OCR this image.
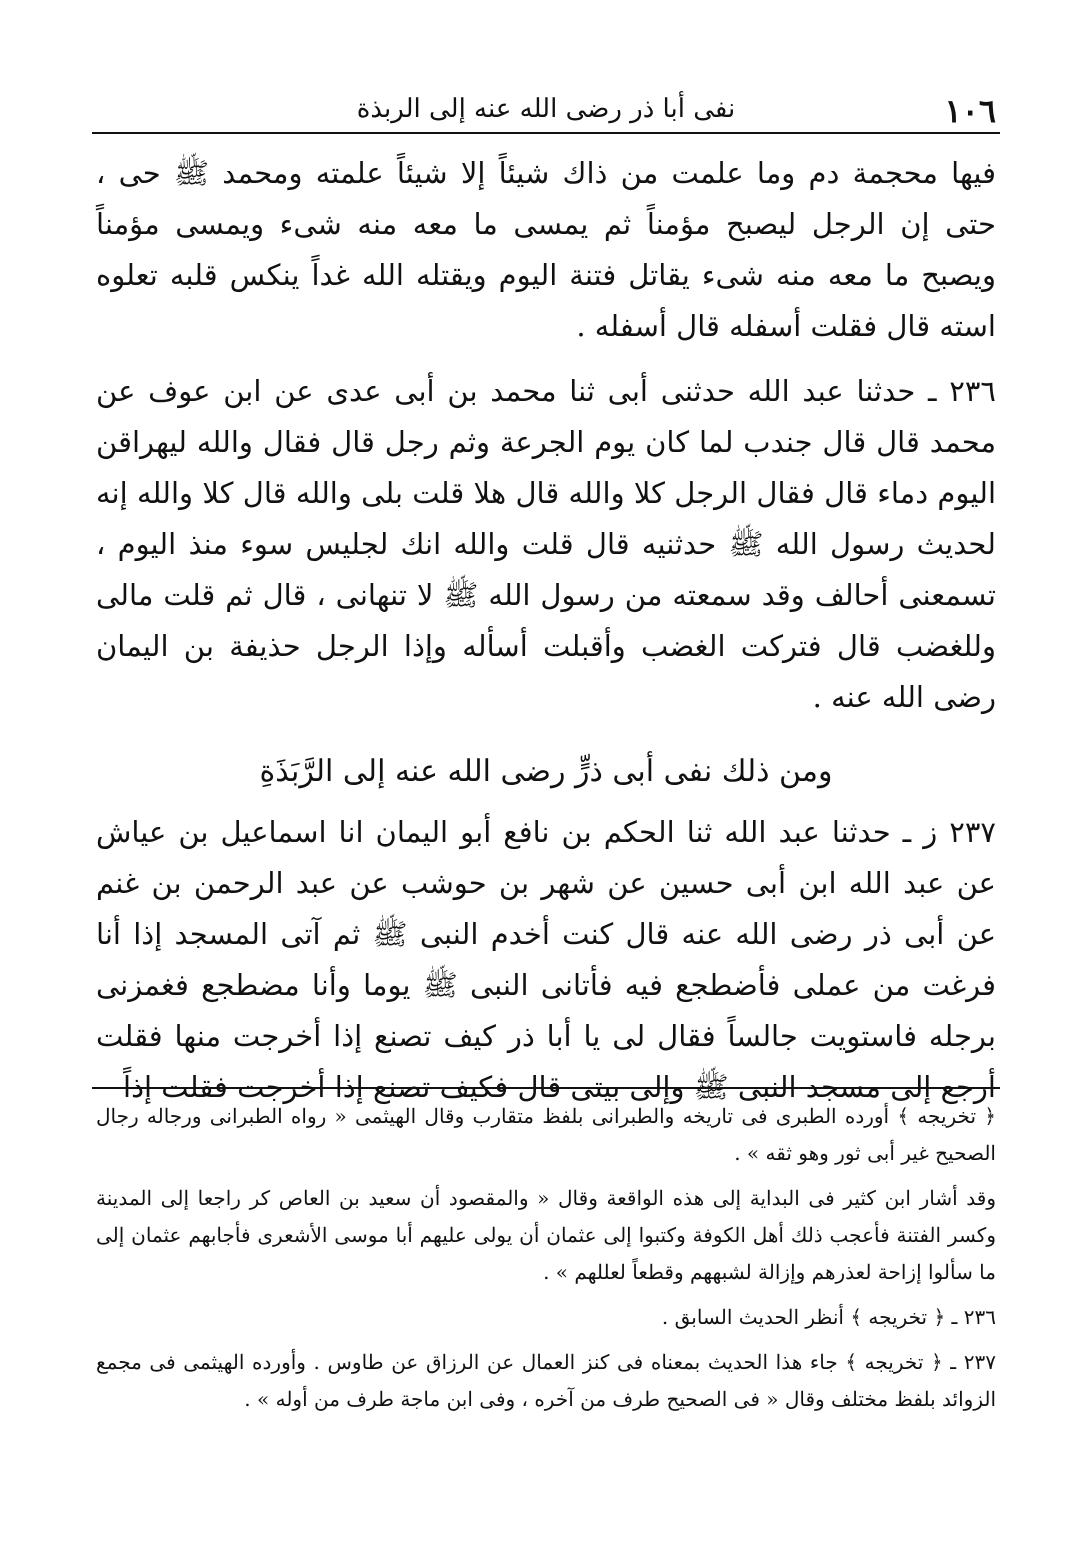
١٠٦
نفى أبا ذر رضى الله عنه إلى الربذة

فيها محجمة دم وما علمت من ذاك شيئاً إلا شيئاً علمته ومحمد ﷺ حى ، حتى إن الرجل ليصبح مؤمناً ثم يمسى ما معه منه شىء ويمسى مؤمناً ويصبح ما معه منه شىء يقاتل فتنة اليوم ويقتله الله غداً ينكس قلبه تعلوه استه قال فقلت أسفله قال أسفله .

٢٣٦ ـ حدثنا عبد الله حدثنى أبى ثنا محمد بن أبى عدى عن ابن عوف عن محمد قال قال جندب لما كان يوم الجرعة وثم رجل قال فقال والله ليهراقن اليوم دماء قال فقال الرجل كلا والله قال هلا قلت بلى والله قال كلا والله إنه لحديث رسول الله ﷺ حدثنيه قال قلت والله انك لجليس سوء منذ اليوم ، تسمعنى أحالف وقد سمعته من رسول الله ﷺ لا تنهانى ، قال ثم قلت مالى وللغضب قال فتركت الغضب وأقبلت أسأله وإذا الرجل حذيفة بن اليمان رضى الله عنه .

ومن ذلك نفى أبى ذرٍّ رضى الله عنه إلى الرَّبَذَةِ

٢٣٧ ز ـ حدثنا عبد الله ثنا الحكم بن نافع أبو اليمان انا اسماعيل بن عياش عن عبد الله ابن أبى حسين عن شهر بن حوشب عن عبد الرحمن بن غنم عن أبى ذر رضى الله عنه قال كنت أخدم النبى ﷺ ثم آتى المسجد إذا أنا فرغت من عملى فأضطجع فيه فأتانى النبى ﷺ يوما وأنا مضطجع فغمزنى برجله فاستويت جالساً فقال لى يا أبا ذر كيف تصنع إذا أخرجت منها فقلت أرجع إلى مسجد النبى ﷺ وإلى بيتى قال فكيف تصنع إذا أخرجت فقلت إذاً

﴿ تخريجه ﴾ أورده الطبرى فى تاريخه والطبرانى بلفظ متقارب وقال الهيثمى « رواه الطبرانى ورجاله رجال الصحيح غير أبى ثور وهو ثقه » .

وقد أشار ابن كثير فى البداية إلى هذه الواقعة وقال « والمقصود أن سعيد بن العاص كر راجعا إلى المدينة وكسر الفتنة فأعجب ذلك أهل الكوفة وكتبوا إلى عثمان أن يولى عليهم أبا موسى الأشعرى فأجابهم عثمان إلى ما سألوا إزاحة لعذرهم وإزالة لشبههم وقطعاً لعللهم » .

٢٣٦ ـ ﴿ تخريجه ﴾ أنظر الحديث السابق .

٢٣٧ ـ ﴿ تخريجه ﴾ جاء هذا الحديث بمعناه فى كنز العمال عن الرزاق عن طاوس . وأورده الهيثمى فى مجمع الزوائد بلفظ مختلف وقال « فى الصحيح طرف من آخره ، وفى ابن ماجة طرف من أوله » .
